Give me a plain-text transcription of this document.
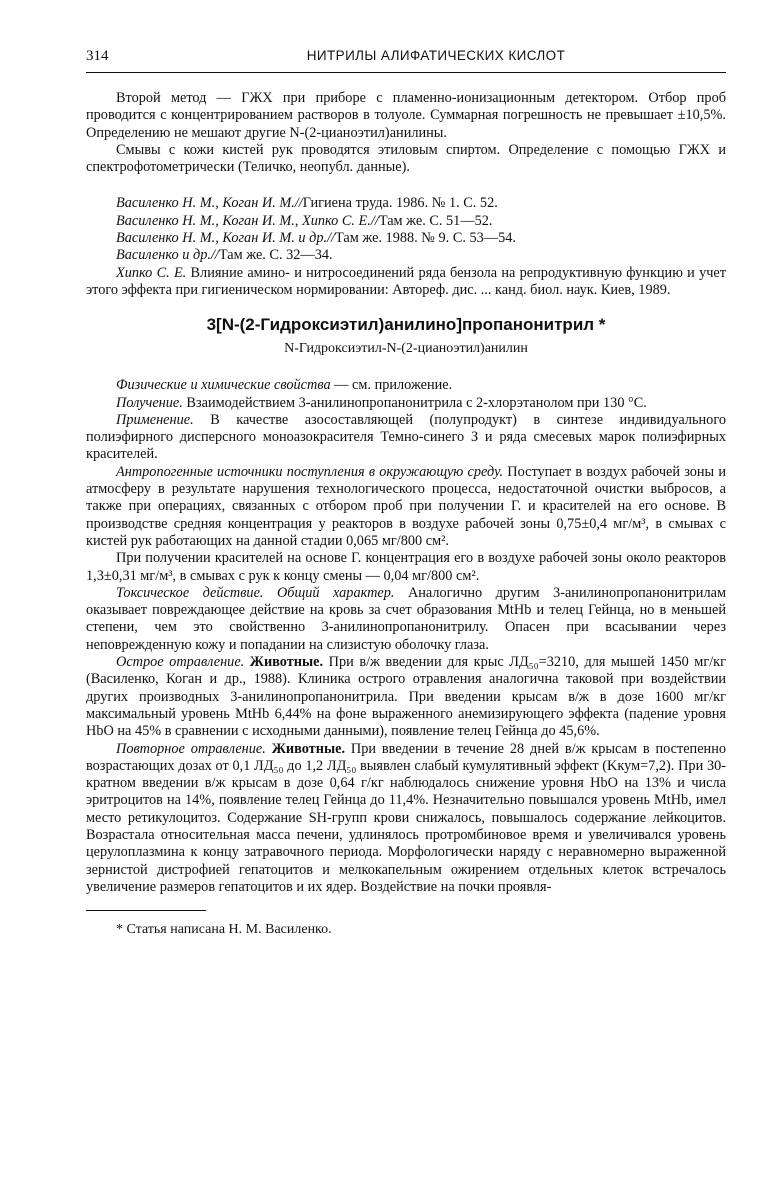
314	НИТРИЛЫ АЛИФАТИЧЕСКИХ КИСЛОТ

Второй метод — ГЖХ при приборе с пламенно-ионизационным детектором. Отбор проб проводится с концентрированием растворов в толуоле. Суммарная погрешность не превышает ±10,5%. Определению не мешают другие N-(2-цианоэтил)анилины.

Смывы с кожи кистей рук проводятся этиловым спиртом. Определение с помощью ГЖХ и спектрофотометрически (Теличко, неопубл. данные).

Василенко Н. М., Коган И. М.//Гигиена труда. 1986. № 1. С. 52.

Василенко Н. М., Коган И. М., Хипко С. Е.//Там же. С. 51—52.

Василенко Н. М., Коган И. М. и др.//Там же. 1988. № 9. С. 53—54.

Василенко и др.//Там же. С. 32—34.

Хипко С. Е. Влияние амино- и нитросоединений ряда бензола на репродуктивную функцию и учет этого эффекта при гигиеническом нормировании: Автореф. дис. ... канд. биол. наук. Киев, 1989.

3[N-(2-Гидроксиэтил)анилино]пропанонитрил *
N-Гидроксиэтил-N-(2-цианоэтил)анилин

Физические и химические свойства — см. приложение.

Получение. Взаимодействием 3-анилинопропанонитрила с 2-хлорэтанолом при 130 °С.

Применение. В качестве азосоставляющей (полупродукт) в синтезе индивидуального полиэфирного дисперсного моноазокрасителя Темно-синего З и ряда смесевых марок полиэфирных красителей.

Антропогенные источники поступления в окружающую среду. Поступает в воздух рабочей зоны и атмосферу в результате нарушения технологического процесса, недостаточной очистки выбросов, а также при операциях, связанных с отбором проб при получении Г. и красителей на его основе. В производстве средняя концентрация у реакторов в воздухе рабочей зоны 0,75±0,4 мг/м³, в смывах с кистей рук работающих на данной стадии 0,065 мг/800 см².

При получении красителей на основе Г. концентрация его в воздухе рабочей зоны около реакторов 1,3±0,31 мг/м³, в смывах с рук к концу смены — 0,04 мг/800 см².

Токсическое действие. Общий характер. Аналогично другим 3-анилинопропанонитрилам оказывает повреждающее действие на кровь за счет образования MtHb и телец Гейнца, но в меньшей степени, чем это свойственно 3-анилинопропанонитрилу. Опасен при всасывании через неповрежденную кожу и попадании на слизистую оболочку глаза.

Острое отравление. Животные. При в/ж введении для крыс ЛД₅₀=3210, для мышей 1450 мг/кг (Василенко, Коган и др., 1988). Клиника острого отравления аналогична таковой при воздействии других производных 3-анилинопропанонитрила. При введении крысам в/ж в дозе 1600 мг/кг максимальный уровень MtHb 6,44% на фоне выраженного анемизирующего эффекта (падение уровня HbO на 45% в сравнении с исходными данными), появление телец Гейнца до 45,6%.

Повторное отравление. Животные. При введении в течение 28 дней в/ж крысам в постепенно возрастающих дозах от 0,1 ЛД₅₀ до 1,2 ЛД₅₀ выявлен слабый кумулятивный эффект (Kкум=7,2). При 30-кратном введении в/ж крысам в дозе 0,64 г/кг наблюдалось снижение уровня HbO на 13% и числа эритроцитов на 14%, появление телец Гейнца до 11,4%. Незначительно повышался уровень MtHb, имел место ретикулоцитоз. Содержание SH-групп крови снижалось, повышалось содержание лейкоцитов. Возрастала относительная масса печени, удлинялось протромбиновое время и увеличивался уровень церулоплазмина к концу затравочного периода. Морфологически наряду с неравномерно выраженной зернистой дистрофией гепатоцитов и мелкокапельным ожирением отдельных клеток встречалось увеличение размеров гепатоцитов и их ядер. Воздействие на почки проявля-

* Статья написана Н. М. Василенко.
